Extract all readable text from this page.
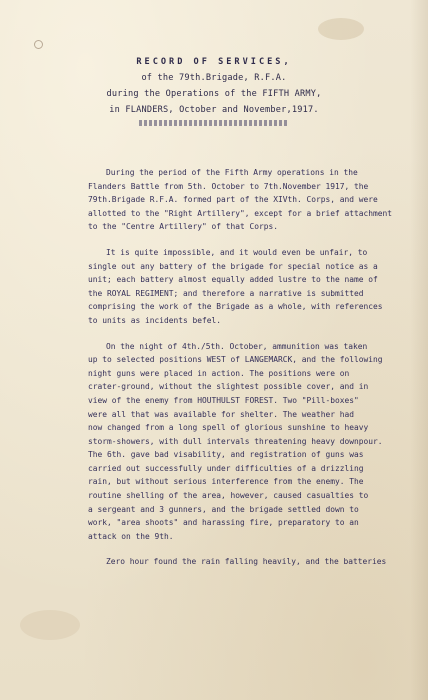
RECORD OF SERVICES,
of the 79th.Brigade, R.F.A.
during the Operations of the FIFTH ARMY,
in FLANDERS, October and November,1917.
During the period of the Fifth Army operations in the
Flanders Battle from 5th. October to 7th.November 1917, the
79th.Brigade R.F.A. formed part of the XIVth. Corps, and were
allotted to the "Right Artillery", except for a brief attachment
to the "Centre Artillery" of that Corps.
It is quite impossible, and it would even be unfair, to
single out any battery of the brigade for special notice as a
unit; each battery almost equally added lustre to the name of
the ROYAL REGIMENT; and therefore a narrative is submitted
comprising the work of the Brigade as a whole, with references
to units as incidents befel.
On the night of 4th./5th. October, ammunition was taken
up to selected positions WEST of LANGEMARCK, and the following
night guns were placed in action. The positions were on
crater-ground, without the slightest possible cover, and in
view of the enemy from HOUTHULST FOREST. Two "Pill-boxes"
were all that was available for shelter. The weather had
now changed from a long spell of glorious sunshine to heavy
storm-showers, with dull intervals threatening heavy downpour.
The 6th. gave bad visability, and registration of guns was
carried out successfully under difficulties of a drizzling
rain, but without serious interference from the enemy. The
routine shelling of the area, however, caused casualties to
a sergeant and 3 gunners, and the brigade settled down to
work, "area shoots" and harassing fire, preparatory to an
attack on the 9th.
Zero hour found the rain falling heavily, and the batteries
